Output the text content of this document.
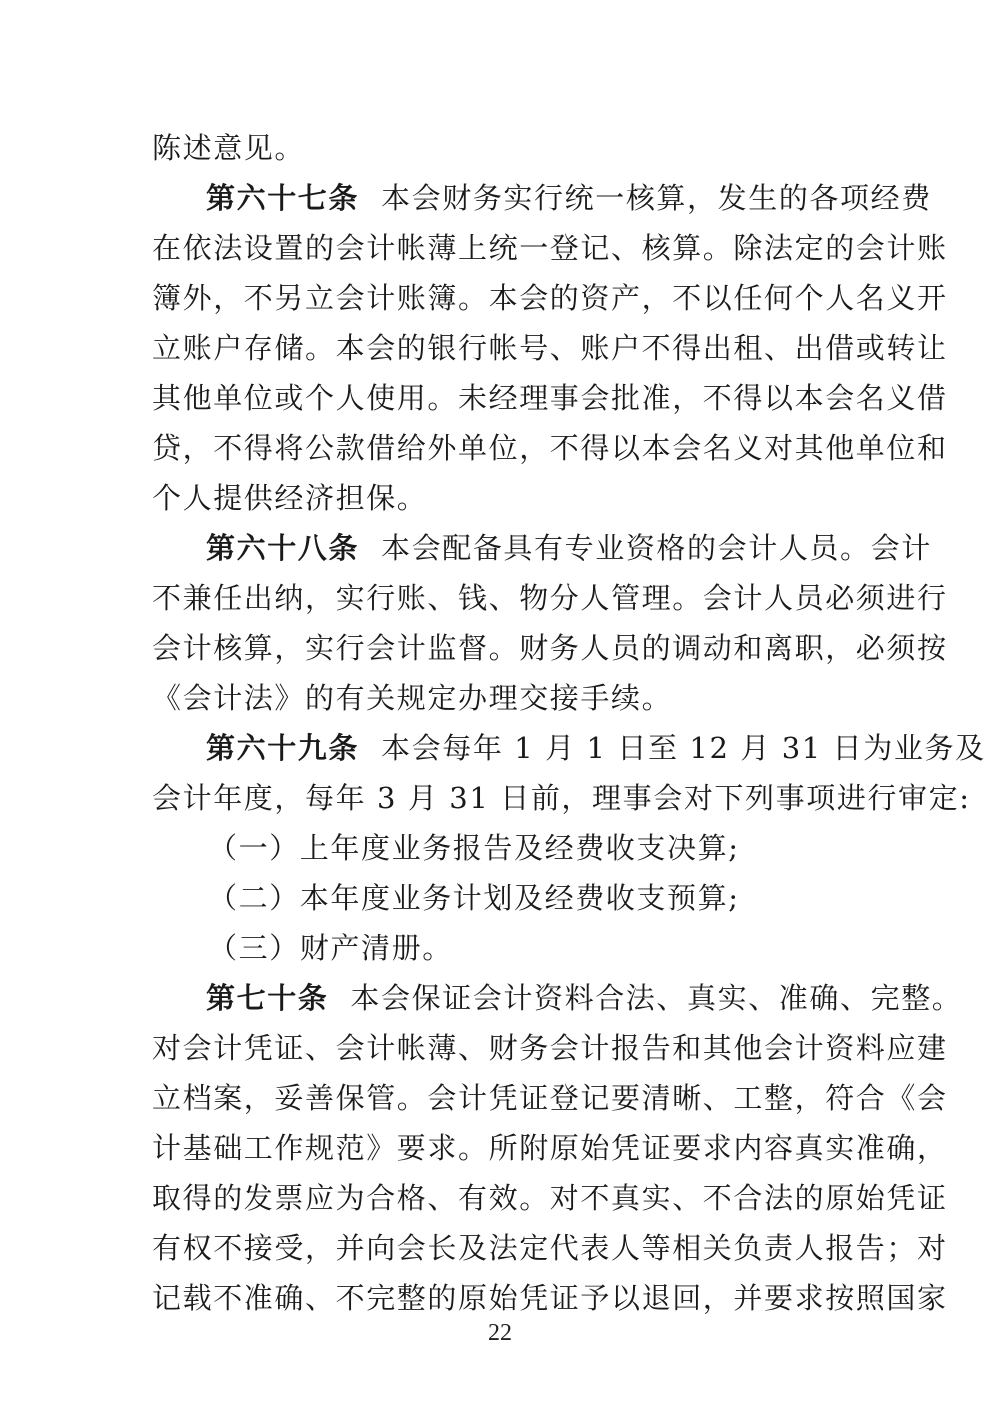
陈述意见。
第六十七条 本会财务实行统一核算，发生的各项经费
在依法设置的会计帐薄上统一登记、核算。除法定的会计账
簿外，不另立会计账簿。本会的资产，不以任何个人名义开
立账户存储。本会的银行帐号、账户不得出租、出借或转让
其他单位或个人使用。未经理事会批准，不得以本会名义借
贷，不得将公款借给外单位，不得以本会名义对其他单位和
个人提供经济担保。
第六十八条 本会配备具有专业资格的会计人员。会计
不兼任出纳，实行账、钱、物分人管理。会计人员必须进行
会计核算，实行会计监督。财务人员的调动和离职，必须按
《会计法》的有关规定办理交接手续。
第六十九条 本会每年 1 月 1 日至 12 月 31 日为业务及
会计年度，每年 3 月 31 日前，理事会对下列事项进行审定:
（一）上年度业务报告及经费收支决算;
（二）本年度业务计划及经费收支预算;
（三）财产清册。
第七十条 本会保证会计资料合法、真实、准确、完整。
对会计凭证、会计帐薄、财务会计报告和其他会计资料应建
立档案，妥善保管。会计凭证登记要清晰、工整，符合《会
计基础工作规范》要求。所附原始凭证要求内容真实准确，
取得的发票应为合格、有效。对不真实、不合法的原始凭证
有权不接受，并向会长及法定代表人等相关负责人报告；对
记载不准确、不完整的原始凭证予以退回，并要求按照国家
22
